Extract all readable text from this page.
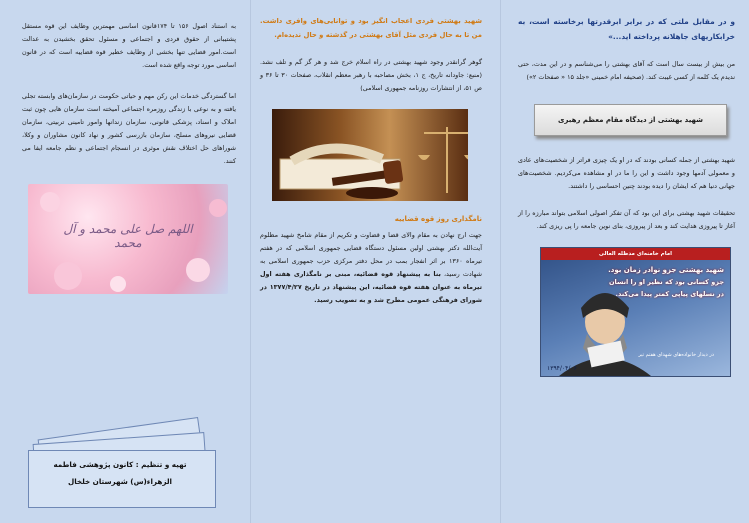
و در مقابل ملتی که در برابر ابرقدرتها برخاسته است، به خرابکاریهای جاهلانه پرداخته اید...»

من بیش از بیست سال است که آقای بهشتی را می‌شناسم و در این مدت، حتی ندیدم یک کلمه از کسی غیبت کند. (صحیفه امام خمینی «جلد ۱۵ « صفحات ۲»)

شهید بهشتی از دیدگاه مقام معظم رهبری

شهید بهشتی از جمله کسانی بودند که در او یک چیزی فراتر از شخصیت‌های عادی و معمولی آدمها وجود داشت و این را ما در او مشاهده می‌کردیم. شخصیت‌های جهانی دنیا هم که ایشان را دیده بودند چنین احساسی را داشتند.

تحقیقات شهید بهشتی برای این بود که آن تفکر اصولی اسلامی بتواند مبارزه را از آغاز تا پیروزی هدایت کند و بعد از پیروزی، بنای نوین جامعه را پی ریزی کند.

امام خامنه‌ای مدظله العالی
شهید بهشتی جزو نوادر زمان بود.
جزو کسانی بود که نظیر او را انسان
در نسلهای پیاپی کمتر پیدا می‌کند.
در دیدار خانواده‌های شهدای هفتم تیر
۱۳۹۴/۰۴/۰۶

شهید بهشتی فردی اعجاب انگیز بود و توانایی‌های وافری داشت. من تا به حال فردی مثل آقای بهشتی در گذشته و حال ندیده‌ام.

گوهر گرانقدر وجود شهید بهشتی در راه اسلام خرج شد و هر گز گم و تلف نشد. (منبع: جاودانه تاریخ، ج ۱، بخش مصاحبه با رهبر معظم انقلاب، صفحات ۳۰ تا ۳۶ و ص ۵۱، از انتشارات روزنامه جمهوری اسلامی)

نامگذاری روز قوه قضاییه

جهت ارج نهادن به مقام والای قضا و قضاوت و تکریم از مقام شامخ شهید مظلوم آیت‌الله دکتر بهشتی اولین مسئول دستگاه قضایی جمهوری اسلامی که در هفتم تیرماه ۱۳۶۰ بر اثر انفجار بمب در محل دفتر مرکزی حزب جمهوری اسلامی به شهادت رسید، بنا به پیشنهاد قوه قضائیه، مبنی بر نامگذاری هفته اول تیرماه به عنوان هفته قوه قضائیه، این پیشنهاد در تاریخ ۱۳۷۷/۴/۲۷ در شورای فرهنگی عمومی مطرح شد و به تصویب رسید.

به استناد اصول ۱۵۶ تا ۱۷۴قانون اساسی مهمترین وظایف این قوه مستقل پشتیبانی از حقوق فردی و اجتماعی و مسئول تحقق بخشیدن به عدالت است.امور قضایی تنها بخشی از وظایف خطیر قوه قضاییه است که در قانون اساسی مورد توجه واقع شده است.

اما گستردگی خدمات این رکن مهم و حیاتی حکومت در سازمان‌های وابسته تجلی یافته و به نوعی با زندگی روزمره اجتماعی آمیخته است سازمان هایی چون ثبت املاک و اسناد، پزشکی قانونی، سازمان زندانها وامور تامینی تربیتی، سازمان قضایی نیروهای مسلح، سازمان بازرسی کشور و نهاد کانون مشاوران و وکلا، شوراهای حل اختلاف نقش موثری در انسجام اجتماعی و نظم جامعه ایفا می کنند.

اللهم صل علی محمد و آل محمد
تهیه و تنظیم : کانون پژوهشی فاطمه
الزهراء(س) شهرستان خلخال
